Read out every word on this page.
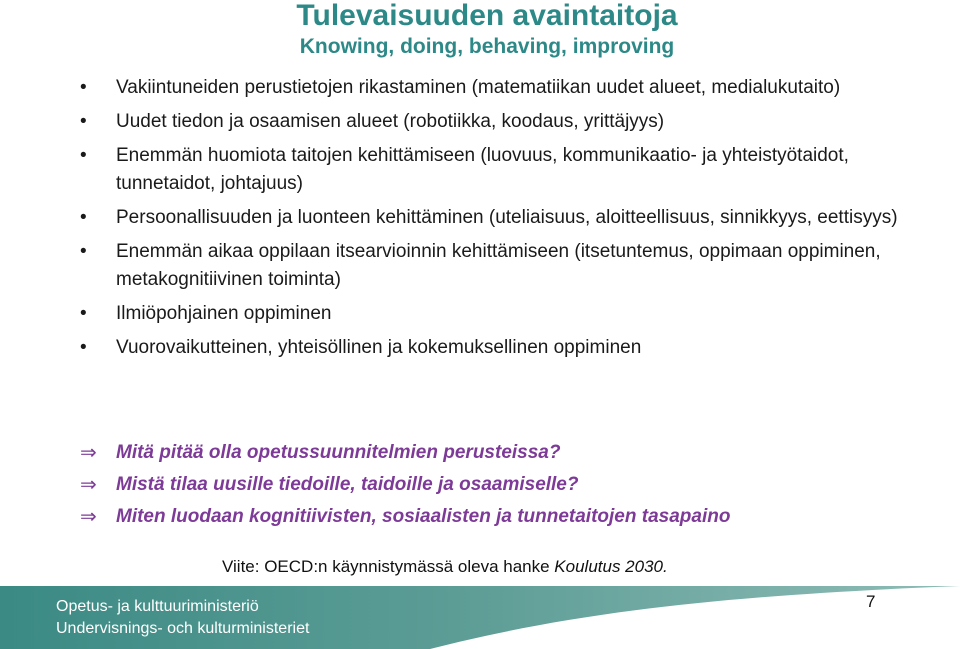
Tulevaisuuden avaintaitoja
Knowing, doing, behaving, improving
• Vakiintuneiden perustietojen rikastaminen (matematiikan uudet alueet, medialukutaito)
• Uudet tiedon ja osaamisen alueet (robotiikka, koodaus, yrittäjyys)
• Enemmän huomiota taitojen kehittämiseen (luovuus, kommunikaatio- ja yhteistyötaidot, tunnetaidot, johtajuus)
• Persoonallisuuden ja luonteen kehittäminen (uteliaisuus, aloitteellisuus, sinnikkyys, eettisyys)
• Enemmän aikaa oppilaan itsearvioinnin kehittämiseen (itsetuntemus, oppimaan oppiminen, metakognitiivinen toiminta)
• Ilmiöpohjainen oppiminen
• Vuorovaikutteinen, yhteisöllinen ja kokemuksellinen oppiminen
⇒ Mitä pitää olla opetussuunnitelmien perusteissa?
⇒ Mistä tilaa uusille tiedoille, taidoille ja osaamiselle?
⇒ Miten luodaan kognitiivisten, sosiaalisten ja tunnetaitojen tasapaino
Viite: OECD:n käynnistymässä oleva hanke Koulutus 2030.
Opetus- ja kulttuuriministeriö
Undervisnings- och kulturministeriet
7
